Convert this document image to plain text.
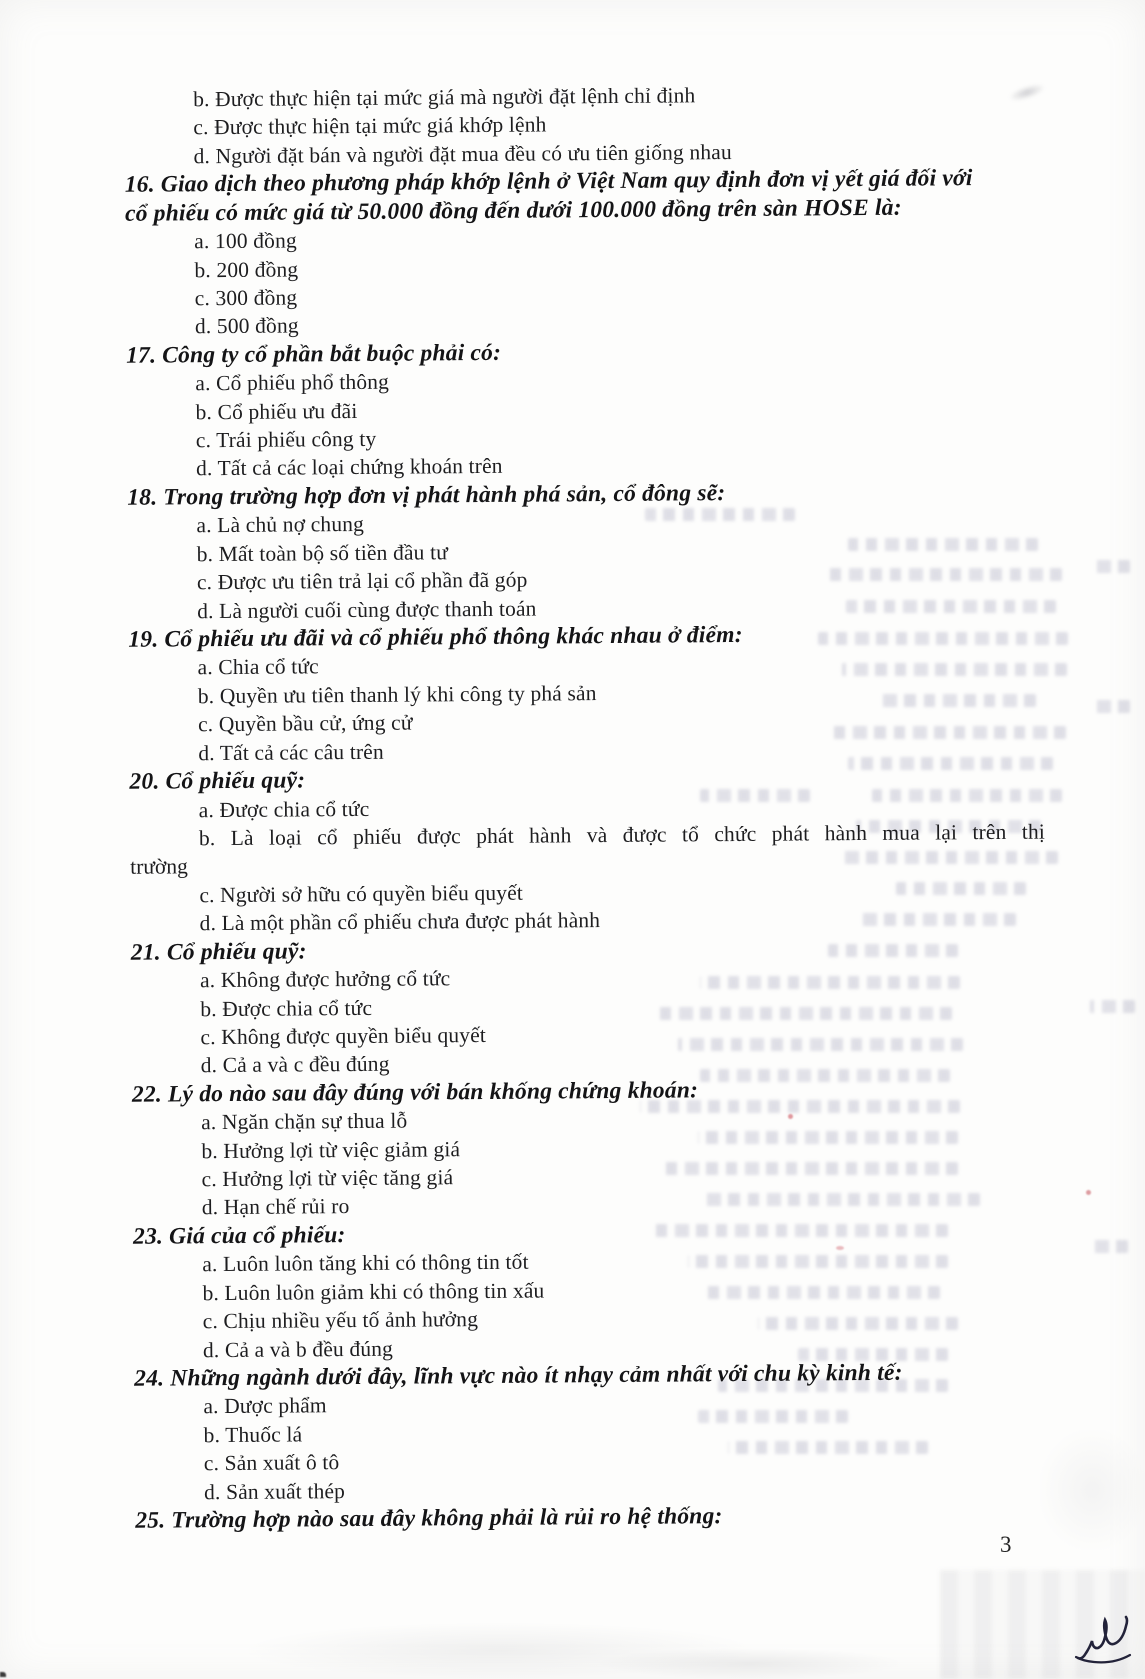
b. Được thực hiện tại mức giá mà người đặt lệnh chỉ định
c. Được thực hiện tại mức giá khớp lệnh
d. Người đặt bán và người đặt mua đều có ưu tiên giống nhau
16. Giao dịch theo phương pháp khớp lệnh ở Việt Nam quy định đơn vị yết giá đối với
cổ phiếu có mức giá từ 50.000 đồng đến dưới 100.000 đồng trên sàn HOSE là:
a. 100 đồng
b. 200 đồng
c. 300 đồng
d. 500 đồng
17. Công ty cổ phần bắt buộc phải có:
a. Cổ phiếu phổ thông
b. Cổ phiếu ưu đãi
c. Trái phiếu công ty
d. Tất cả các loại chứng khoán trên
18. Trong trường hợp đơn vị phát hành phá sản, cổ đông sẽ:
a. Là chủ nợ chung
b. Mất toàn bộ số tiền đầu tư
c. Được ưu tiên trả lại cổ phần đã góp
d. Là người cuối cùng được thanh toán
19. Cổ phiếu ưu đãi và cổ phiếu phổ thông khác nhau ở điểm:
a. Chia cổ tức
b. Quyền ưu tiên thanh lý khi công ty phá sản
c. Quyền bầu cử, ứng cử
d. Tất cả các câu trên
20. Cổ phiếu quỹ:
a. Được chia cổ tức
b. Là loại cổ phiếu được phát hành và được tổ chức phát hành mua lại trên thị
trường
c. Người sở hữu có quyền biểu quyết
d. Là một phần cổ phiếu chưa được phát hành
21. Cổ phiếu quỹ:
a. Không được hưởng cổ tức
b. Được chia cổ tức
c. Không được quyền biểu quyết
d. Cả a và c đều đúng
22. Lý do nào sau đây đúng với bán khống chứng khoán:
a. Ngăn chặn sự thua lỗ
b. Hưởng lợi từ việc giảm giá
c. Hưởng lợi từ việc tăng giá
d. Hạn chế rủi ro
23. Giá của cổ phiếu:
a. Luôn luôn tăng khi có thông tin tốt
b. Luôn luôn giảm khi có thông tin xấu
c. Chịu nhiều yếu tố ảnh hưởng
d. Cả a và b đều đúng
24. Những ngành dưới đây, lĩnh vực nào ít nhạy cảm nhất với chu kỳ kinh tế:
a. Dược phẩm
b. Thuốc lá
c. Sản xuất ô tô
d. Sản xuất thép
25. Trường hợp nào sau đây không phải là rủi ro hệ thống:
3
